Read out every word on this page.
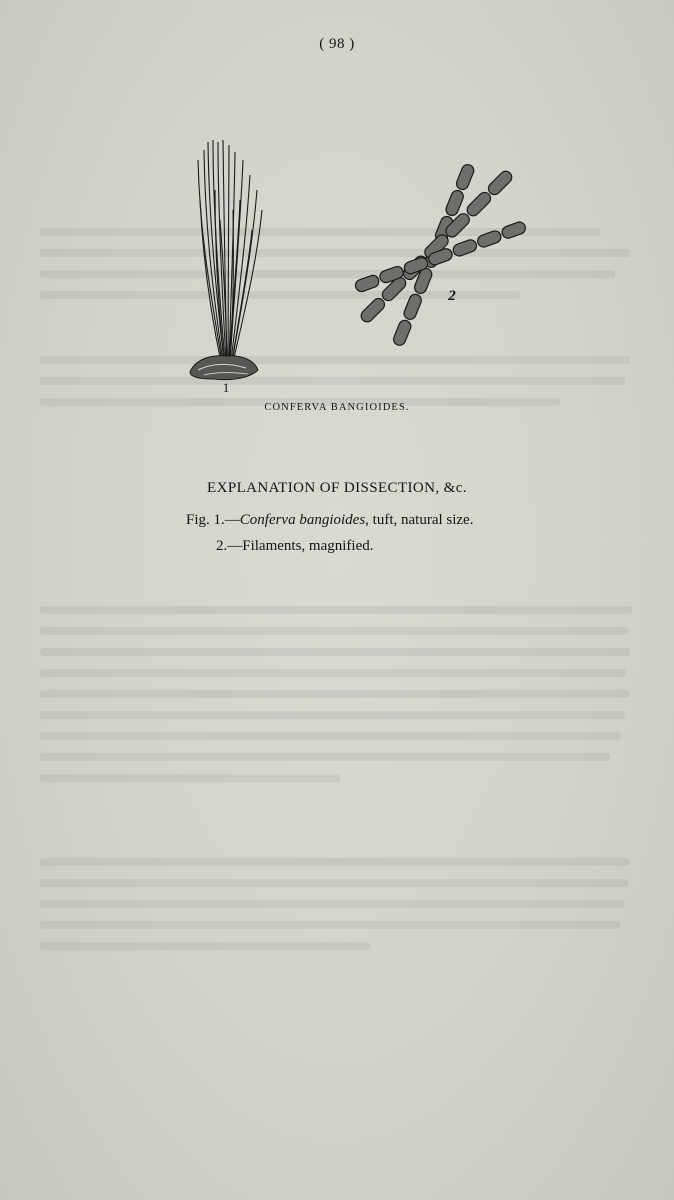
( 98 )
1
2
CONFERVA BANGIOIDES.
EXPLANATION OF DISSECTION, &c.
Fig. 1.—Conferva bangioides, tuft, natural size.
2.—Filaments, magnified.
